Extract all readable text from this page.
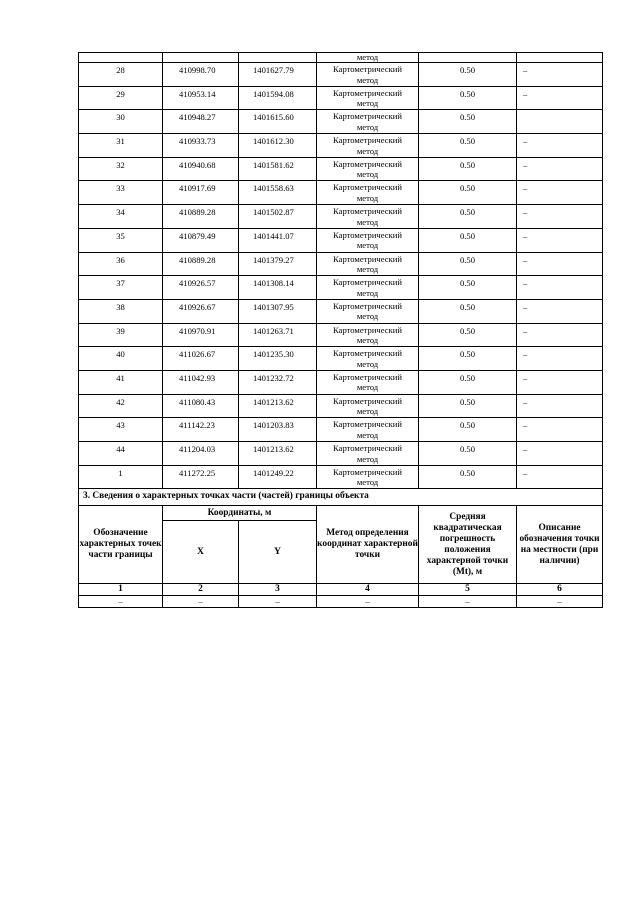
			метод		

28	410998.70	1401627.79	Картометрический
метод	0.50	–

29	410953.14	1401594.08	Картометрический
метод	0.50	–

30	410948.27	1401615.60	Картометрический
метод	0.50	

31	410933.73	1401612.30	Картометрический
метод	0.50	–

32	410940.68	1401581.62	Картометрический
метод	0.50	–

33	410917.69	1401558.63	Картометрический
метод	0.50	–

34	410889.28	1401502.87	Картометрический
метод	0.50	–

35	410879.49	1401441.07	Картометрический
метод	0.50	–

36	410889.28	1401379.27	Картометрический
метод	0.50	–

37	410926.57	1401308.14	Картометрический
метод	0.50	–

38	410926.67	1401307.95	Картометрический
метод	0.50	–

39	410970.91	1401263.71	Картометрический
метод	0.50	–

40	411026.67	1401235.30	Картометрический
метод	0.50	–

41	411042.93	1401232.72	Картометрический
метод	0.50	–

42	411080.43	1401213.62	Картометрический
метод	0.50	–

43	411142.23	1401203.83	Картометрический
метод	0.50	–

44	411204.03	1401213.62	Картометрический
метод	0.50	–

1	411272.25	1401249.22	Картометрический
метод	0.50	–

3. Сведения о характерных точках части (частей) границы объекта					
Обозначение характерных точек части границы	Координаты, м		Метод определения координат характерной точки	Средняя квадратическая погрешность положения характерной точки (Mt), м	Описание обозначения точки на местности (при наличии)
	X	Y			
1	2	3	4	5	6
–	–	–	–	–	–
